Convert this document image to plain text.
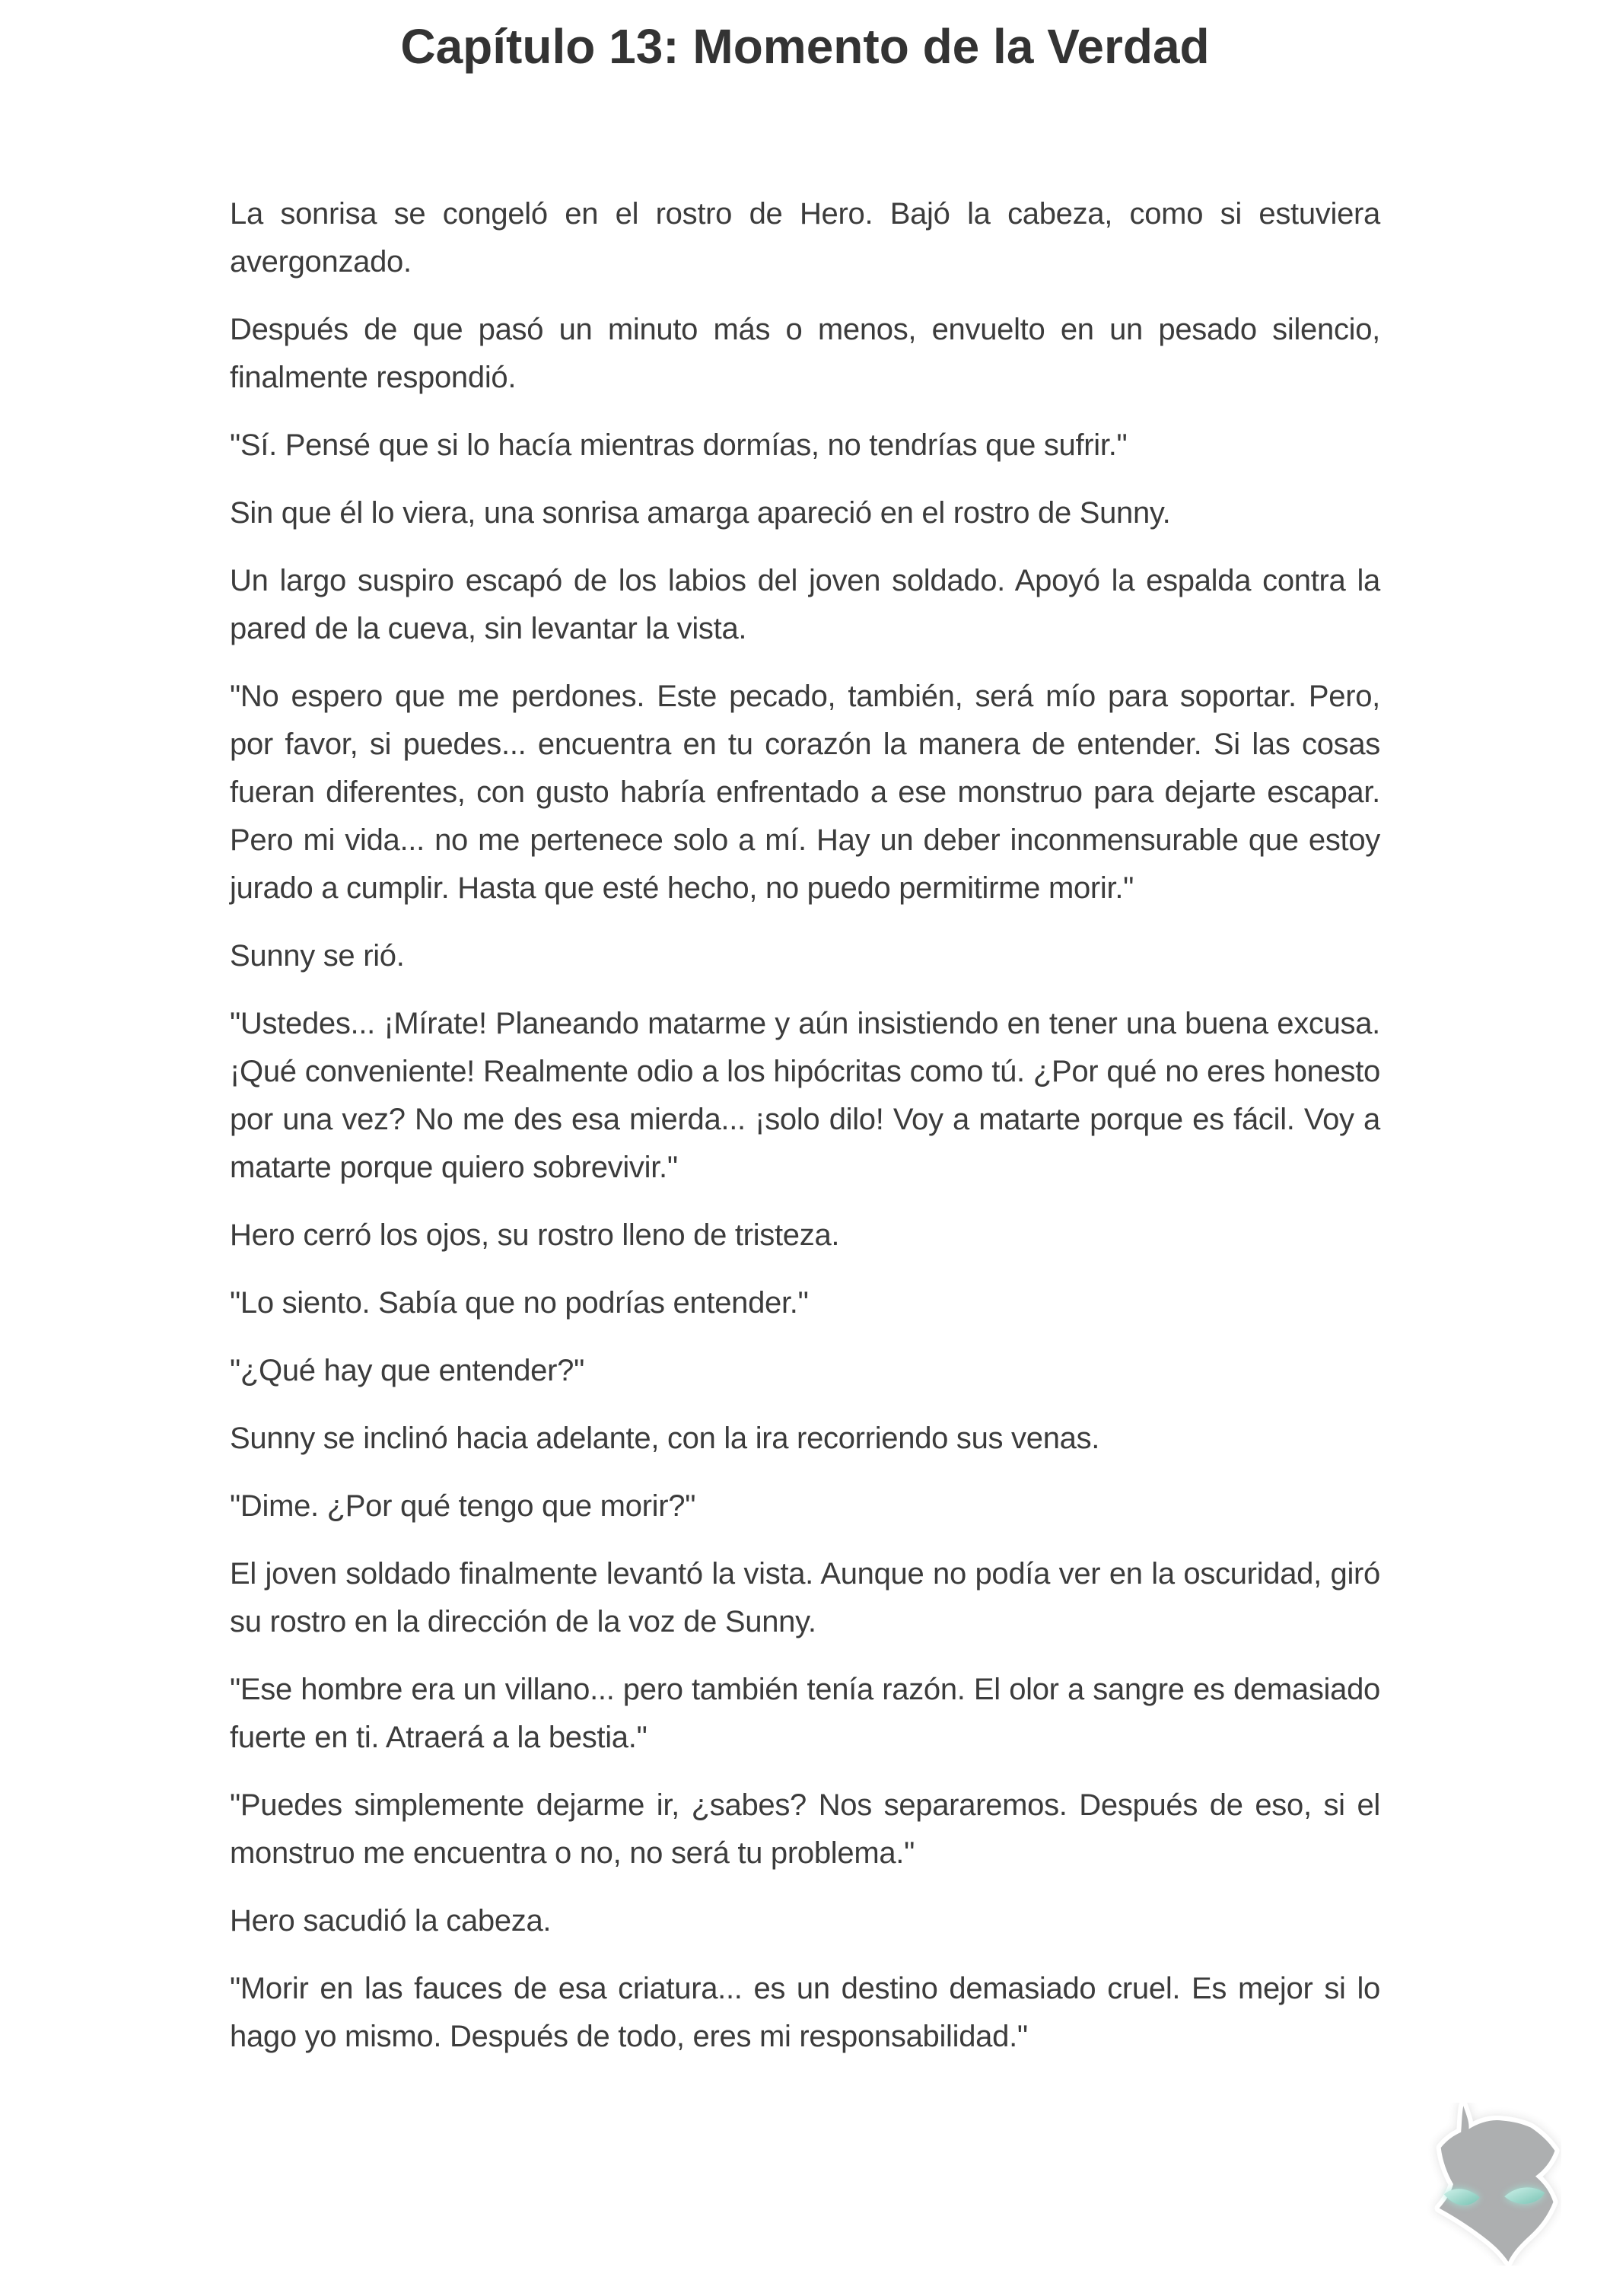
Capítulo 13: Momento de la Verdad

La sonrisa se congeló en el rostro de Hero. Bajó la cabeza, como si estuviera avergonzado.

Después de que pasó un minuto más o menos, envuelto en un pesado silencio, finalmente respondió.

"Sí. Pensé que si lo hacía mientras dormías, no tendrías que sufrir."

Sin que él lo viera, una sonrisa amarga apareció en el rostro de Sunny.

Un largo suspiro escapó de los labios del joven soldado. Apoyó la espalda contra la pared de la cueva, sin levantar la vista.

"No espero que me perdones. Este pecado, también, será mío para soportar. Pero, por favor, si puedes... encuentra en tu corazón la manera de entender. Si las cosas fueran diferentes, con gusto habría enfrentado a ese monstruo para dejarte escapar. Pero mi vida... no me pertenece solo a mí. Hay un deber inconmensurable que estoy jurado a cumplir. Hasta que esté hecho, no puedo permitirme morir."

Sunny se rió.

"Ustedes... ¡Mírate! Planeando matarme y aún insistiendo en tener una buena excusa. ¡Qué conveniente! Realmente odio a los hipócritas como tú. ¿Por qué no eres honesto por una vez? No me des esa mierda... ¡solo dilo! Voy a matarte porque es fácil. Voy a matarte porque quiero sobrevivir."

Hero cerró los ojos, su rostro lleno de tristeza.

"Lo siento. Sabía que no podrías entender."

"¿Qué hay que entender?"

Sunny se inclinó hacia adelante, con la ira recorriendo sus venas.

"Dime. ¿Por qué tengo que morir?"

El joven soldado finalmente levantó la vista. Aunque no podía ver en la oscuridad, giró su rostro en la dirección de la voz de Sunny.

"Ese hombre era un villano... pero también tenía razón. El olor a sangre es demasiado fuerte en ti. Atraerá a la bestia."

"Puedes simplemente dejarme ir, ¿sabes? Nos separaremos. Después de eso, si el monstruo me encuentra o no, no será tu problema."

Hero sacudió la cabeza.

"Morir en las fauces de esa criatura... es un destino demasiado cruel. Es mejor si lo hago yo mismo. Después de todo, eres mi responsabilidad."
